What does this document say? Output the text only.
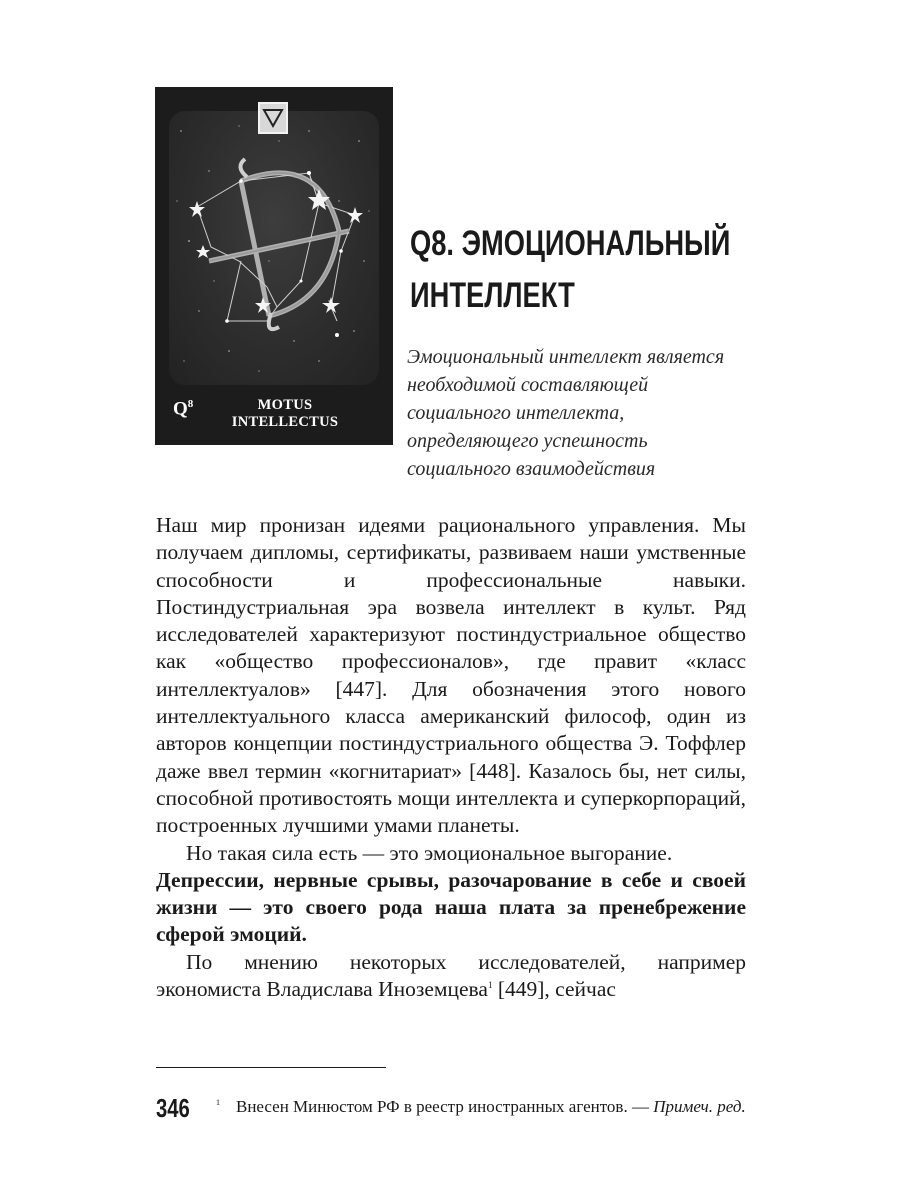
$Q^8$	MOTUS
INTELLECTUS
Q8. ЭМОЦИОНАЛЬНЫЙ
ИНТЕЛЛЕКТ
Эмоциональный интеллект является необходимой составляющей социального интеллекта, определяющего успешность социального взаимодействия

Наш мир пронизан идеями рационального управления. Мы получаем дипломы, сертификаты, развиваем наши умственные способности и профессиональные навыки. Постиндустриальная эра возвела интеллект в культ. Ряд исследователей характеризуют постиндустриальное общество как «общество профессионалов», где правит «класс интеллектуалов» [447]. Для обозначения этого нового интеллектуального класса американский философ, один из авторов концепции постиндустриального общества Э. Тоффлер даже ввел термин «когнитариат» [448]. Казалось бы, нет силы, способной противостоять мощи интеллекта и суперкорпораций, построенных лучшими умами планеты.

Но такая сила есть — это эмоциональное выгорание.

Депрессии, нервные срывы, разочарование в себе и своей жизни — это своего рода наша плата за пренебрежение сферой эмоций.

По мнению некоторых исследователей, например экономиста Владислава Иноземцева$^1$ [449], сейчас

346	$^1$ Внесен Минюстом РФ в реестр иностранных агентов. — Примеч. ред.
